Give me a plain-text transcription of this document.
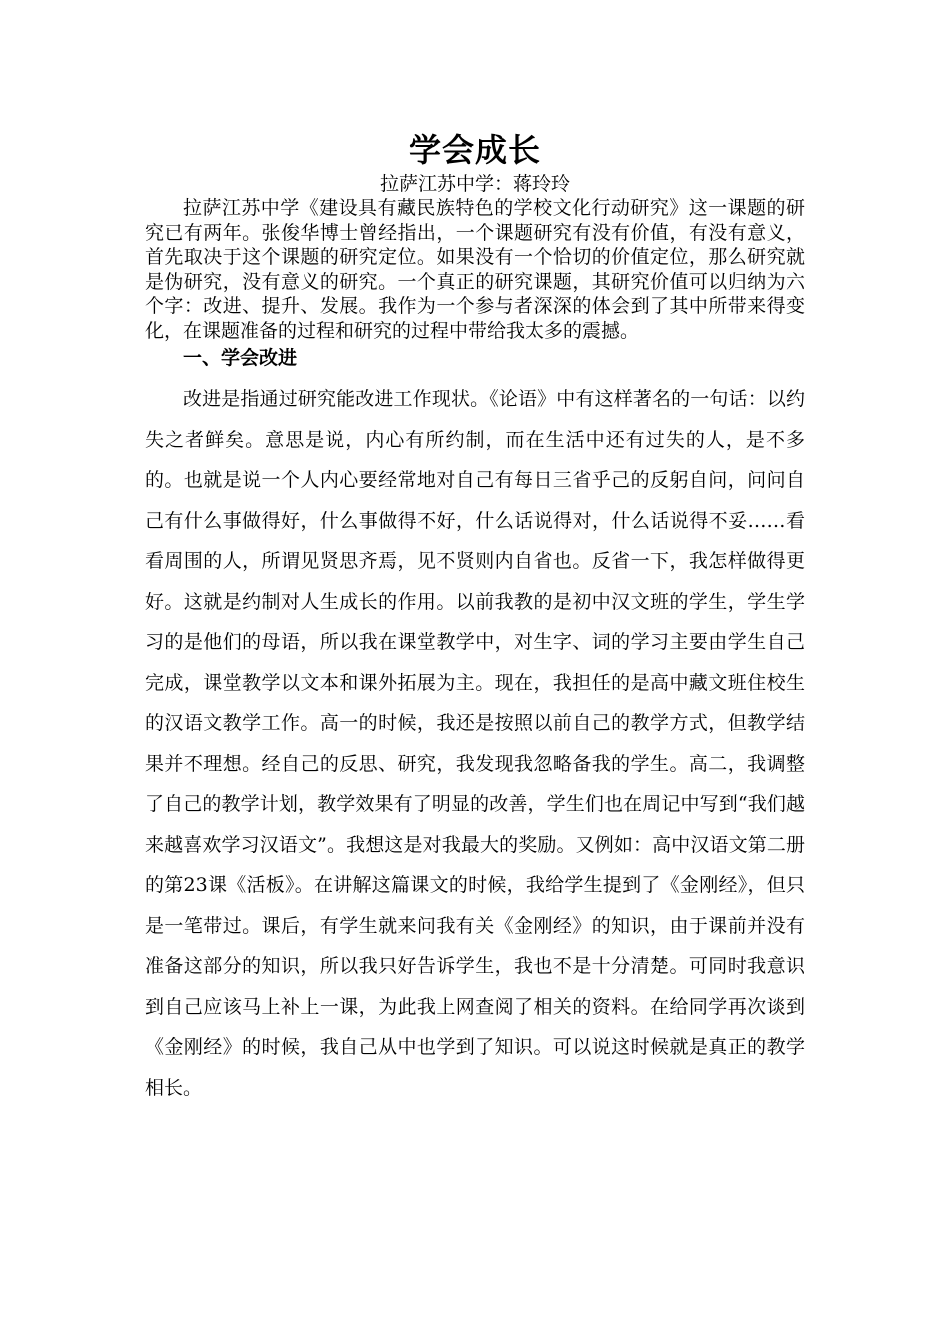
学会成长

拉萨江苏中学：蒋玲玲

拉萨江苏中学《建设具有藏民族特色的学校文化行动研究》这一课题的研究已有两年。张俊华博士曾经指出，一个课题研究有没有价值，有没有意义，首先取决于这个课题的研究定位。如果没有一个恰切的价值定位，那么研究就是伪研究，没有意义的研究。一个真正的研究课题，其研究价值可以归纳为六个字：改进、提升、发展。我作为一个参与者深深的体会到了其中所带来得变化，在课题准备的过程和研究的过程中带给我太多的震撼。

一、学会改进

改进是指通过研究能改进工作现状。《论语》中有这样著名的一句话：以约失之者鲜矣。意思是说，内心有所约制，而在生活中还有过失的人，是不多的。也就是说一个人内心要经常地对自己有每日三省乎己的反躬自问，问问自己有什么事做得好，什么事做得不好，什么话说得对，什么话说得不妥……看看周围的人，所谓见贤思齐焉，见不贤则内自省也。反省一下，我怎样做得更好。这就是约制对人生成长的作用。以前我教的是初中汉文班的学生，学生学习的是他们的母语，所以我在课堂教学中，对生字、词的学习主要由学生自己完成，课堂教学以文本和课外拓展为主。现在，我担任的是高中藏文班住校生的汉语文教学工作。高一的时候，我还是按照以前自己的教学方式，但教学结果并不理想。经自己的反思、研究，我发现我忽略备我的学生。高二，我调整了自己的教学计划，教学效果有了明显的改善，学生们也在周记中写到“我们越来越喜欢学习汉语文”。我想这是对我最大的奖励。又例如：高中汉语文第二册的第23课《活板》。在讲解这篇课文的时候，我给学生提到了《金刚经》，但只是一笔带过。课后，有学生就来问我有关《金刚经》的知识，由于课前并没有准备这部分的知识，所以我只好告诉学生，我也不是十分清楚。可同时我意识到自己应该马上补上一课，为此我上网查阅了相关的资料。在给同学再次谈到《金刚经》的时候，我自己从中也学到了知识。可以说这时候就是真正的教学相长。
